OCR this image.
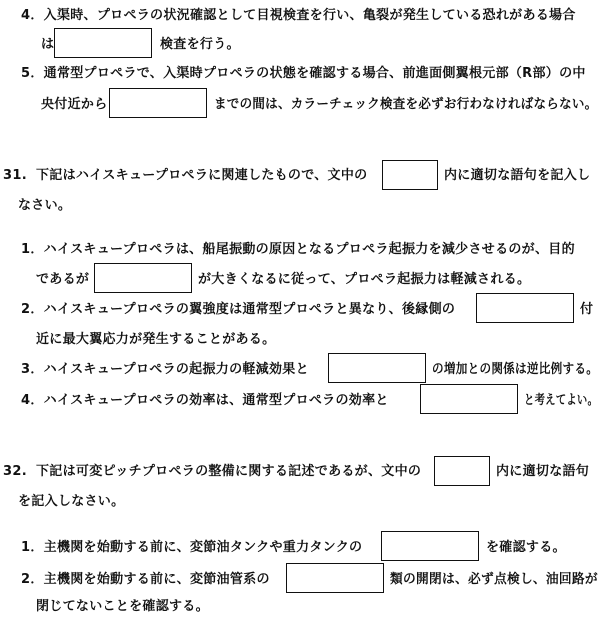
4．入渠時、プロペラの状況確認として目視検査を行い、亀裂が発生している恐れがある場合
は	検査を行う。
5．通常型プロペラで、入渠時プロペラの状態を確認する場合、前進面側翼根元部（R部）の中
央付近から	までの間は、カラーチェック検査を必ずお行わなければならない。
31. 下記はハイスキュープロペラに関連したもので、文中の	内に適切な語句を記入し
なさい。
1．ハイスキュープロペラは、船尾振動の原因となるプロペラ起振力を減少させるのが、目的
であるが	が大きくなるに従って、プロペラ起振力は軽減される。
2．ハイスキュープロペラの翼強度は通常型プロペラと異なり、後縁側の	付
近に最大翼応力が発生することがある。
3．ハイスキュープロペラの起振力の軽減効果と	の増加との関係は逆比例する。
4．ハイスキュープロペラの効率は、通常型プロペラの効率と	と考えてよい。
32. 下記は可変ピッチプロペラの整備に関する記述であるが、文中の	内に適切な語句
を記入しなさい。
1．主機関を始動する前に、変節油タンクや重力タンクの	を確認する。
2．主機関を始動する前に、変節油管系の	類の開閉は、必ず点検し、油回路が
閉じてないことを確認する。
